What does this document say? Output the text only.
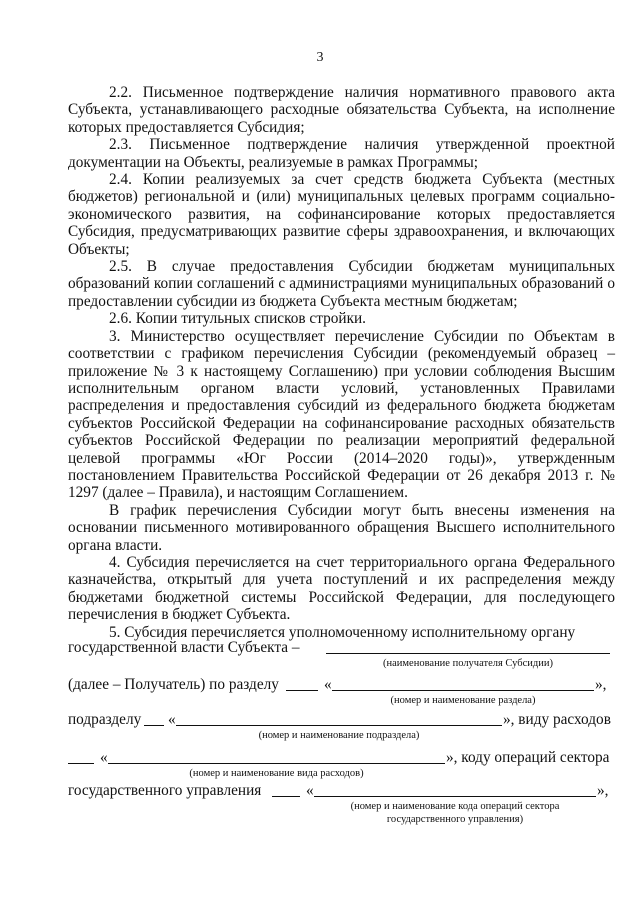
3

2.2. Письменное подтверждение наличия нормативного правового акта Субъекта, устанавливающего расходные обязательства Субъекта, на исполнение которых предоставляется Субсидия;

2.3. Письменное подтверждение наличия утвержденной проектной документации на Объекты, реализуемые в рамках Программы;

2.4. Копии реализуемых за счет средств бюджета Субъекта (местных бюджетов) региональной и (или) муниципальных целевых программ социально-экономического развития, на софинансирование которых предоставляется Субсидия, предусматривающих развитие сферы здравоохранения, и включающих Объекты;

2.5. В случае предоставления Субсидии бюджетам муниципальных образований копии соглашений с администрациями муниципальных образований о предоставлении субсидии из бюджета Субъекта местным бюджетам;

2.6. Копии титульных списков стройки.

3. Министерство осуществляет перечисление Субсидии по Объектам в соответствии с графиком перечисления Субсидии (рекомендуемый образец – приложение № 3 к настоящему Соглашению) при условии соблюдения Высшим исполнительным органом власти условий, установленных Правилами распределения и предоставления субсидий из федерального бюджета бюджетам субъектов Российской Федерации на софинансирование расходных обязательств субъектов Российской Федерации по реализации мероприятий федеральной целевой программы «Юг России (2014–2020 годы)», утвержденным постановлением Правительства Российской Федерации от 26 декабря 2013 г. № 1297 (далее – Правила), и настоящим Соглашением.

В график перечисления Субсидии могут быть внесены изменения на основании письменного мотивированного обращения Высшего исполнительного органа власти.

4. Субсидия перечисляется на счет территориального органа Федерального казначейства, открытый для учета поступлений и их распределения между бюджетами бюджетной системы Российской Федерации, для последующего перечисления в бюджет Субъекта.

5. Субсидия перечисляется уполномоченному исполнительному органу

государственной власти Субъекта –
(наименование получателя Субсидии)
(далее – Получатель) по разделу	«	»,
(номер и наименование раздела)
подразделу «	», виду расходов
(номер и наименование подраздела)
«	», коду операций сектора
(номер и наименование вида расходов)
государственного управления	«	»,
(номер и наименование кода операций сектора
государственного управления)
